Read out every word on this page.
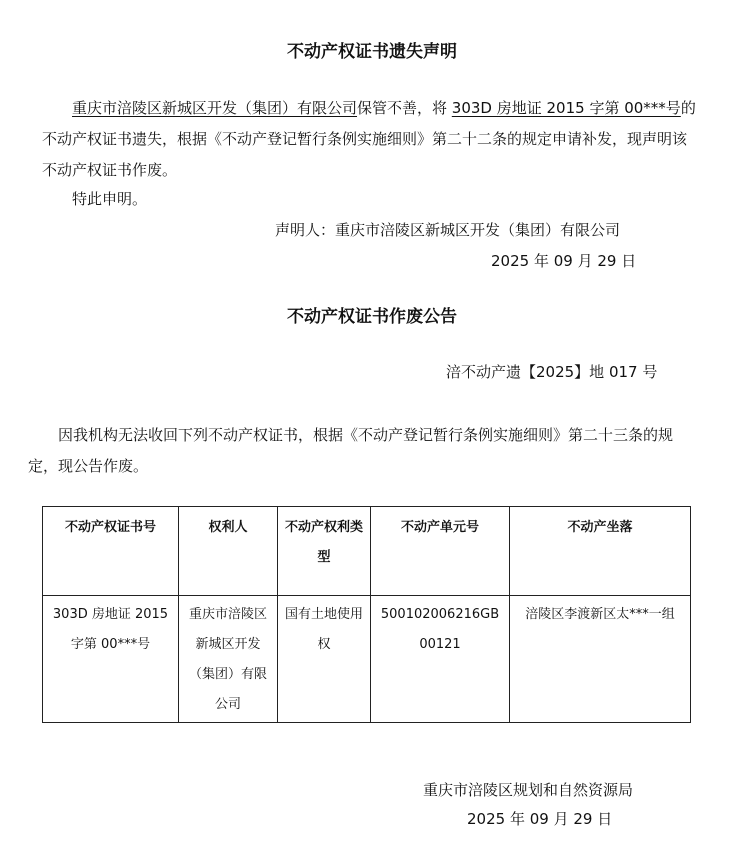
不动产权证书遗失声明
重庆市涪陵区新城区开发（集团）有限公司保管不善，将 303D 房地证 2015 字第 00***号的不动产权证书遗失，根据《不动产登记暂行条例实施细则》第二十二条的规定申请补发，现声明该不动产权证书作废。
特此申明。
声明人：重庆市涪陵区新城区开发（集团）有限公司
2025 年 09 月 29 日
不动产权证书作废公告
涪不动产遗【2025】地 017 号
因我机构无法收回下列不动产权证书，根据《不动产登记暂行条例实施细则》第二十三条的规定，现公告作废。
不动产权证书号	权利人	不动产权利类型	不动产单元号	不动产坐落
303D 房地证 2015 字第 00***号	重庆市涪陵区新城区开发（集团）有限公司	国有土地使用权	500102006216GB00121	涪陵区李渡新区太***一组
重庆市涪陵区规划和自然资源局
2025 年 09 月 29 日
